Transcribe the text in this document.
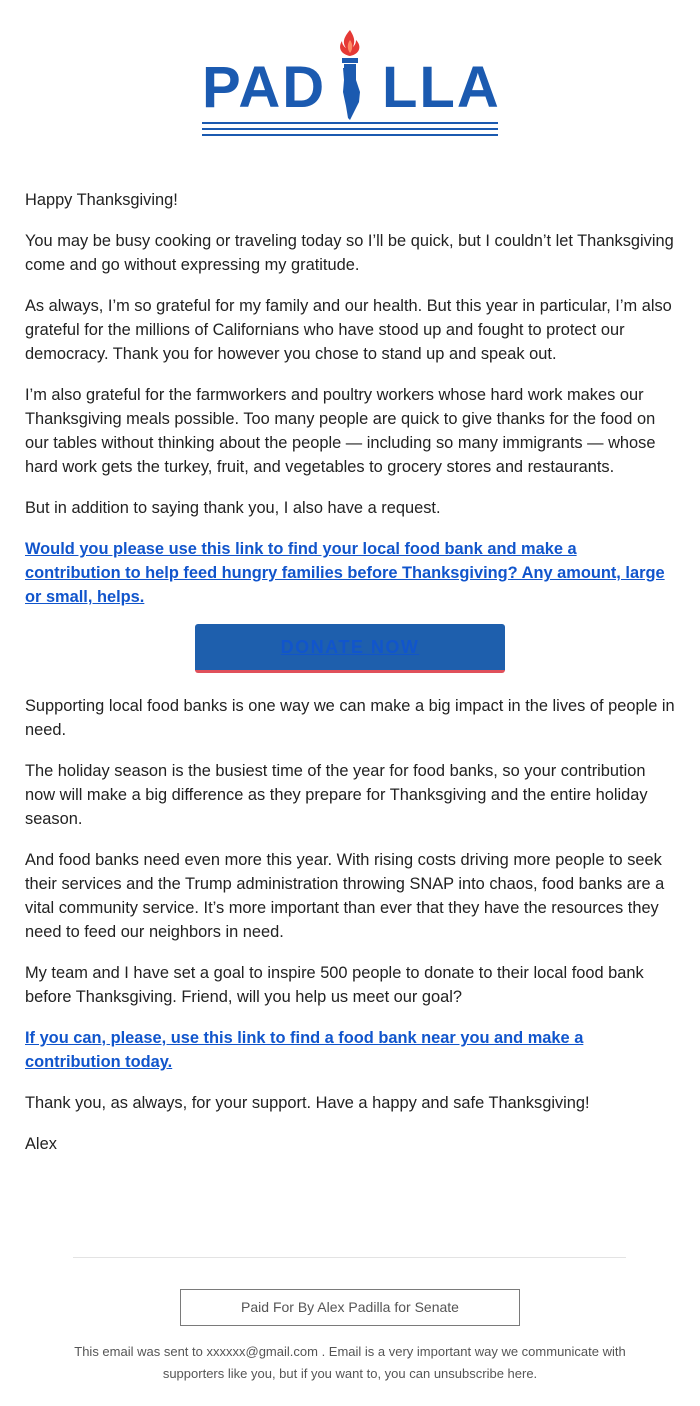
PAD LLA

Happy Thanksgiving!

You may be busy cooking or traveling today so I’ll be quick, but I couldn’t let Thanksgiving come and go without expressing my gratitude.

As always, I’m so grateful for my family and our health. But this year in particular, I’m also grateful for the millions of Californians who have stood up and fought to protect our democracy. Thank you for however you chose to stand up and speak out.

I’m also grateful for the farmworkers and poultry workers whose hard work makes our Thanksgiving meals possible. Too many people are quick to give thanks for the food on our tables without thinking about the people — including so many immigrants — whose hard work gets the turkey, fruit, and vegetables to grocery stores and restaurants.

But in addition to saying thank you, I also have a request.

Would you please use this link to find your local food bank and make a contribution to help feed hungry families before Thanksgiving? Any amount, large or small, helps.

DONATE NOW

Supporting local food banks is one way we can make a big impact in the lives of people in need.

The holiday season is the busiest time of the year for food banks, so your contribution now will make a big difference as they prepare for Thanksgiving and the entire holiday season.

And food banks need even more this year. With rising costs driving more people to seek their services and the Trump administration throwing SNAP into chaos, food banks are a vital community service. It’s more important than ever that they have the resources they need to feed our neighbors in need.

My team and I have set a goal to inspire 500 people to donate to their local food bank before Thanksgiving. Friend, will you help us meet our goal?

If you can, please, use this link to find a food bank near you and make a contribution today.

Thank you, as always, for your support. Have a happy and safe Thanksgiving!

Alex

Paid For By Alex Padilla for Senate
This email was sent to xxxxxx@gmail.com . Email is a very important way we communicate with supporters like you, but if you want to, you can unsubscribe here.
